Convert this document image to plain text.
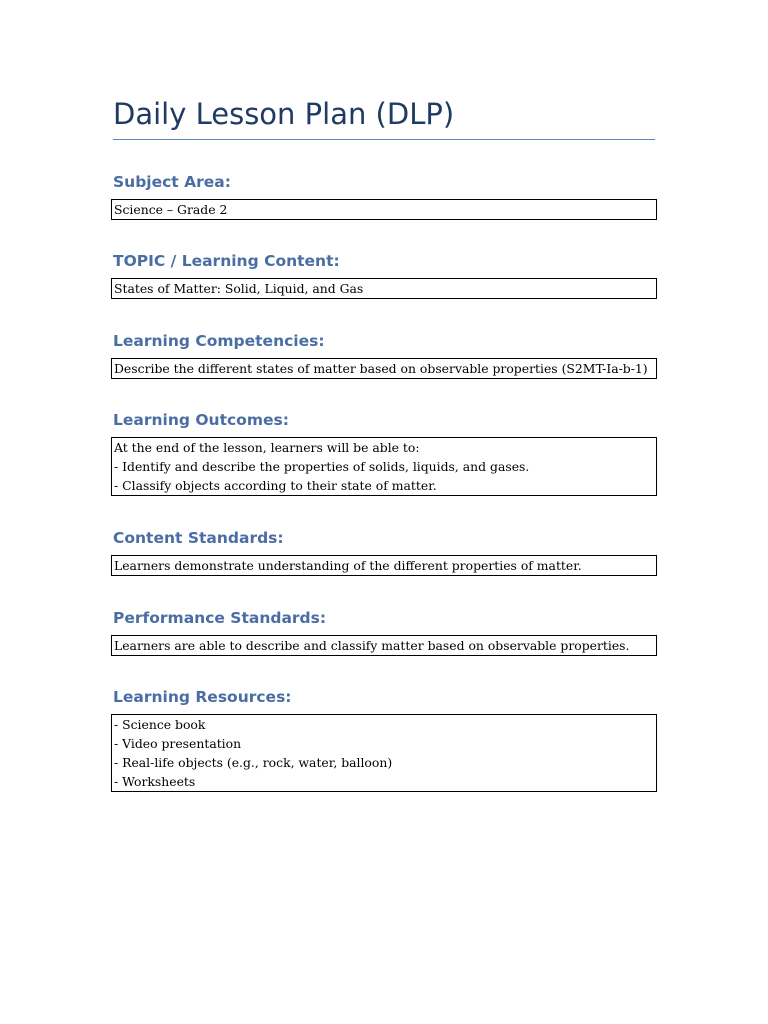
Daily Lesson Plan (DLP)
Subject Area:
Science – Grade 2
TOPIC / Learning Content:
States of Matter: Solid, Liquid, and Gas
Learning Competencies:
Describe the different states of matter based on observable properties (S2MT-Ia-b-1)
Learning Outcomes:
At the end of the lesson, learners will be able to:
- Identify and describe the properties of solids, liquids, and gases.
- Classify objects according to their state of matter.
Content Standards:
Learners demonstrate understanding of the different properties of matter.
Performance Standards:
Learners are able to describe and classify matter based on observable properties.
Learning Resources:
- Science book
- Video presentation
- Real-life objects (e.g., rock, water, balloon)
- Worksheets
